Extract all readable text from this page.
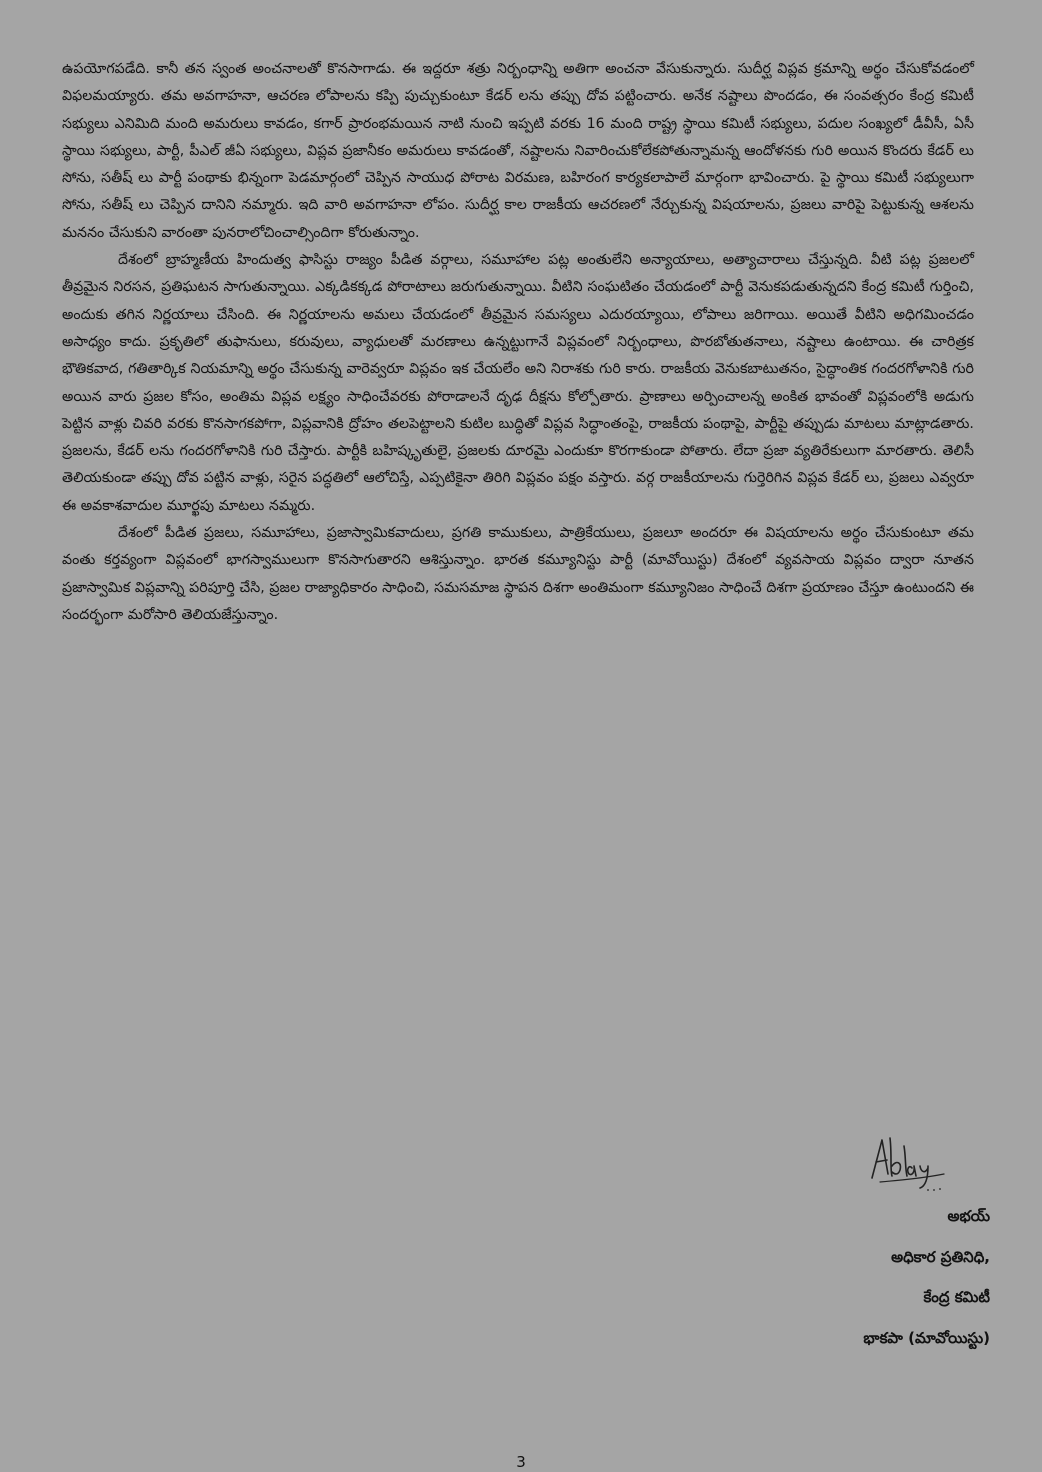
ఉపయోగపడేది. కానీ తన స్వంత అంచనాలతో కొనసాగాడు. ఈ ఇద్దరూ శత్రు నిర్బంధాన్ని అతిగా అంచనా వేసుకున్నారు. సుదీర్ఘ విప్లవ క్రమాన్ని అర్థం చేసుకోవడంలో విఫలమయ్యారు. తమ అవగాహనా, ఆచరణ లోపాలను కప్పి పుచ్చుకుంటూ కేడర్ లను తప్పు దోవ పట్టించారు. అనేక నష్టాలు పొందడం, ఈ సంవత్సరం కేంద్ర కమిటీ సభ్యులు ఎనిమిది మంది అమరులు కావడం, కగార్ ప్రారంభమయిన నాటి నుంచి ఇప్పటి వరకు 16 మంది రాష్ట్ర స్థాయి కమిటీ సభ్యులు, పదుల సంఖ్యలో డీవీసీ, ఏసీ స్థాయి సభ్యులు, పార్టీ, పీఎల్ జీఏ సభ్యులు, విప్లవ ప్రజానీకం అమరులు కావడంతో, నష్టాలను నివారించుకోలేకపోతున్నామన్న ఆందోళనకు గురి అయిన కొందరు కేడర్ లు సోను, సతీష్ లు పార్టీ పంథాకు భిన్నంగా పెడమార్గంలో చెప్పిన సాయుధ పోరాట విరమణ, బహిరంగ కార్యకలాపాలే మార్గంగా భావించారు. పై స్థాయి కమిటీ సభ్యులుగా సోను, సతీష్ లు చెప్పిన దానిని నమ్మారు. ఇది వారి అవగాహనా లోపం. సుదీర్ఘ కాల రాజకీయ ఆచరణలో నేర్చుకున్న విషయాలను, ప్రజలు వారిపై పెట్టుకున్న ఆశలను మననం చేసుకుని వారంతా పునరాలోచించాల్సిందిగా కోరుతున్నాం.

దేశంలో బ్రాహ్మణీయ హిందుత్వ ఫాసిస్టు రాజ్యం పీడిత వర్గాలు, సమూహాల పట్ల అంతులేని అన్యాయాలు, అత్యాచారాలు చేస్తున్నది. వీటి పట్ల ప్రజలలో తీవ్రమైన నిరసన, ప్రతిఘటన సాగుతున్నాయి. ఎక్కడికక్కడ పోరాటాలు జరుగుతున్నాయి. వీటిని సంఘటితం చేయడంలో పార్టీ వెనుకపడుతున్నదని కేంద్ర కమిటీ గుర్తించి, అందుకు తగిన నిర్ణయాలు చేసింది. ఈ నిర్ణయాలను అమలు చేయడంలో తీవ్రమైన సమస్యలు ఎదురయ్యాయి, లోపాలు జరిగాయి. అయితే వీటిని అధిగమించడం అసాధ్యం కాదు. ప్రకృతిలో తుఫానులు, కరువులు, వ్యాధులతో మరణాలు ఉన్నట్టుగానే విప్లవంలో నిర్బంధాలు, పొరబోతుతనాలు, నష్టాలు ఉంటాయి. ఈ చారిత్రక భౌతికవాద, గతితార్కిక నియమాన్ని అర్థం చేసుకున్న వారెవ్వరూ విప్లవం ఇక చేయలేం అని నిరాశకు గురి కారు. రాజకీయ వెనుకబాటుతనం, సైద్ధాంతిక గందరగోళానికి గురి అయిన వారు ప్రజల కోసం, అంతిమ విప్లవ లక్ష్యం సాధించేవరకు పోరాడాలనే దృఢ దీక్షను కోల్పోతారు. ప్రాణాలు అర్పించాలన్న అంకిత భావంతో విప్లవంలోకి అడుగు పెట్టిన వాళ్లు చివరి వరకు కొనసాగకపోగా, విప్లవానికి ద్రోహం తలపెట్టాలని కుటిల బుద్ధితో విప్లవ సిద్ధాంతంపై, రాజకీయ పంథాపై, పార్టీపై తప్పుడు మాటలు మాట్లాడతారు. ప్రజలను, కేడర్ లను గందరగోళానికి గురి చేస్తారు. పార్టీకి బహిష్కృతులై, ప్రజలకు దూరమై ఎందుకూ కొరగాకుండా పోతారు. లేదా ప్రజా వ్యతిరేకులుగా మారతారు. తెలిసీ తెలియకుండా తప్పు దోవ పట్టిన వాళ్లు, సరైన పద్ధతిలో ఆలోచిస్తే, ఎప్పటికైనా తిరిగి విప్లవం పక్షం వస్తారు. వర్గ రాజకీయాలను గుర్తెరిగిన విప్లవ కేడర్ లు, ప్రజలు ఎవ్వరూ ఈ అవకాశవాదుల మూర్ఖపు మాటలు నమ్మరు.

దేశంలో పీడిత ప్రజలు, సమూహాలు, ప్రజాస్వామికవాదులు, ప్రగతి కాముకులు, పాత్రికేయులు, ప్రజలూ అందరూ ఈ విషయాలను అర్థం చేసుకుంటూ తమ వంతు కర్తవ్యంగా విప్లవంలో భాగస్వాములుగా కొనసాగుతారని ఆశిస్తున్నాం. భారత కమ్యూనిస్టు పార్టీ (మావోయిస్టు) దేశంలో వ్యవసాయ విప్లవం ద్వారా నూతన ప్రజాస్వామిక విప్లవాన్ని పరిపూర్తి చేసి, ప్రజల రాజ్యాధికారం సాధించి, సమసమాజ స్థాపన దిశగా అంతిమంగా కమ్యూనిజం సాధించే దిశగా ప్రయాణం చేస్తూ ఉంటుందని ఈ సందర్భంగా మరోసారి తెలియజేస్తున్నాం.

అభయ్
అధికార ప్రతినిధి,
కేంద్ర కమిటీ
భాకపా (మావోయిస్టు)
3
